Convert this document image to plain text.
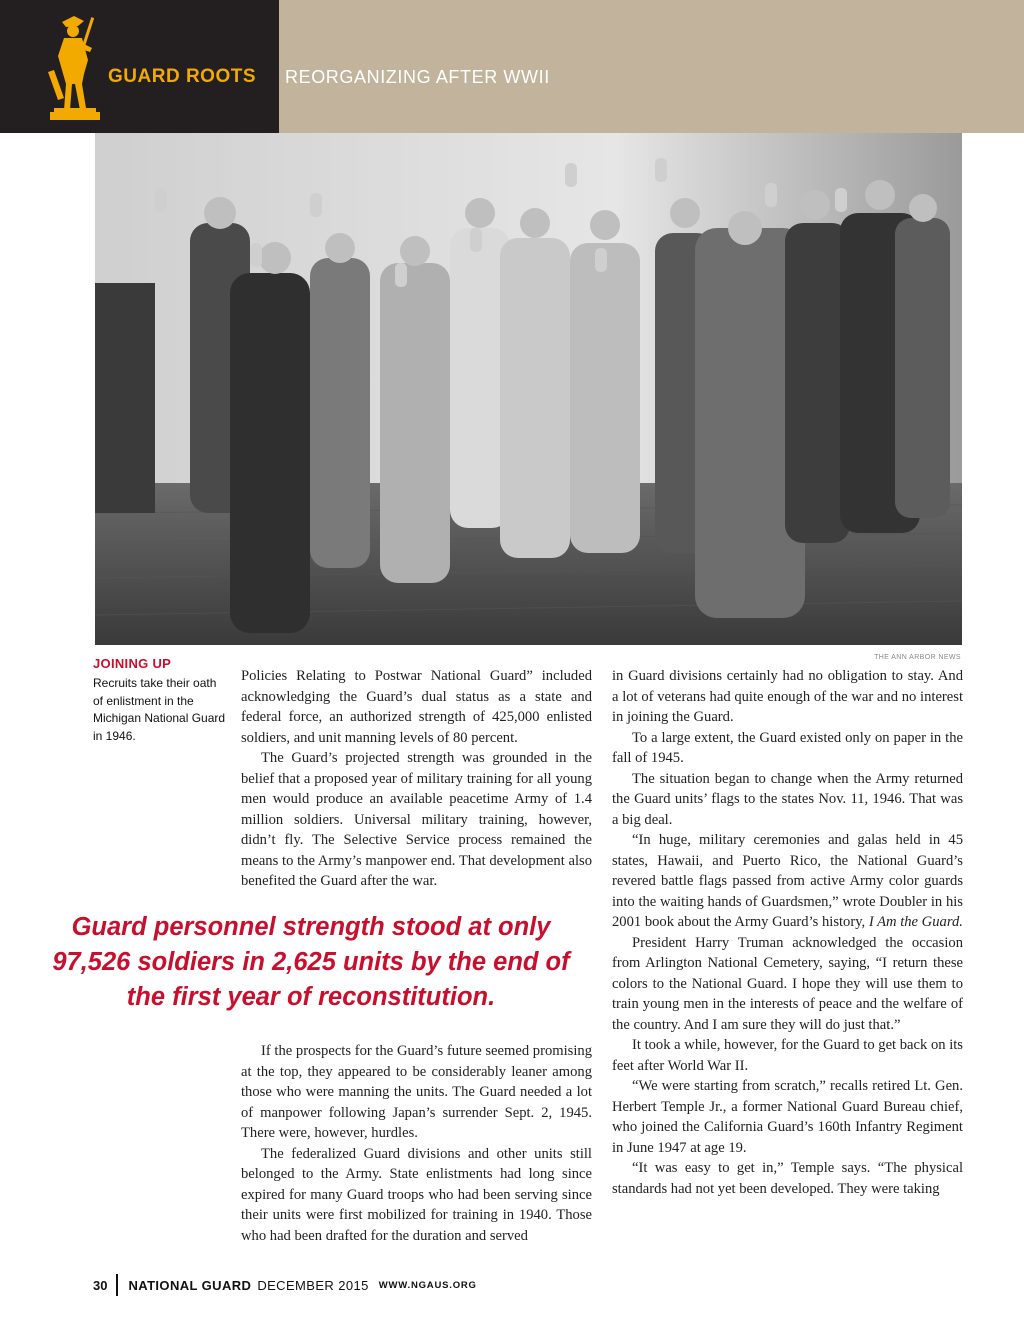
GUARD ROOTS REORGANIZING AFTER WWII
THE ANN ARBOR NEWS
JOINING UP
Recruits take their oath of enlistment in the Michigan National Guard in 1946.

Policies Relating to Postwar National Guard” included acknowledging the Guard’s dual status as a state and federal force, an authorized strength of 425,000 enlisted soldiers, and unit manning levels of 80 percent.

The Guard’s projected strength was grounded in the belief that a proposed year of military training for all young men would produce an available peacetime Army of 1.4 million soldiers. Universal military training, however, didn’t fly. The Selective Service process remained the means to the Army’s manpower end. That development also benefited the Guard after the war.

Guard personnel strength stood at only 97,526 soldiers in 2,625 units by the end of the first year of reconstitution.

If the prospects for the Guard’s future seemed promising at the top, they appeared to be considerably leaner among those who were manning the units. The Guard needed a lot of manpower following Japan’s surrender Sept. 2, 1945. There were, however, hurdles.

The federalized Guard divisions and other units still belonged to the Army. State enlistments had long since expired for many Guard troops who had been serving since their units were first mobilized for training in 1940. Those who had been drafted for the duration and served

in Guard divisions certainly had no obligation to stay. And a lot of veterans had quite enough of the war and no interest in joining the Guard.

To a large extent, the Guard existed only on paper in the fall of 1945.

The situation began to change when the Army returned the Guard units’ flags to the states Nov. 11, 1946. That was a big deal.

“In huge, military ceremonies and galas held in 45 states, Hawaii, and Puerto Rico, the National Guard’s revered battle flags passed from active Army color guards into the waiting hands of Guardsmen,” wrote Doubler in his 2001 book about the Army Guard’s history, I Am the Guard.

President Harry Truman acknowledged the occasion from Arlington National Cemetery, saying, “I return these colors to the National Guard. I hope they will use them to train young men in the interests of peace and the welfare of the country. And I am sure they will do just that.”

It took a while, however, for the Guard to get back on its feet after World War II.

“We were starting from scratch,” recalls retired Lt. Gen. Herbert Temple Jr., a former National Guard Bureau chief, who joined the California Guard’s 160th Infantry Regiment in June 1947 at age 19.

“It was easy to get in,” Temple says. “The physical standards had not yet been developed. They were taking

30 NATIONAL GUARD DECEMBER 2015 WWW.NGAUS.ORG
